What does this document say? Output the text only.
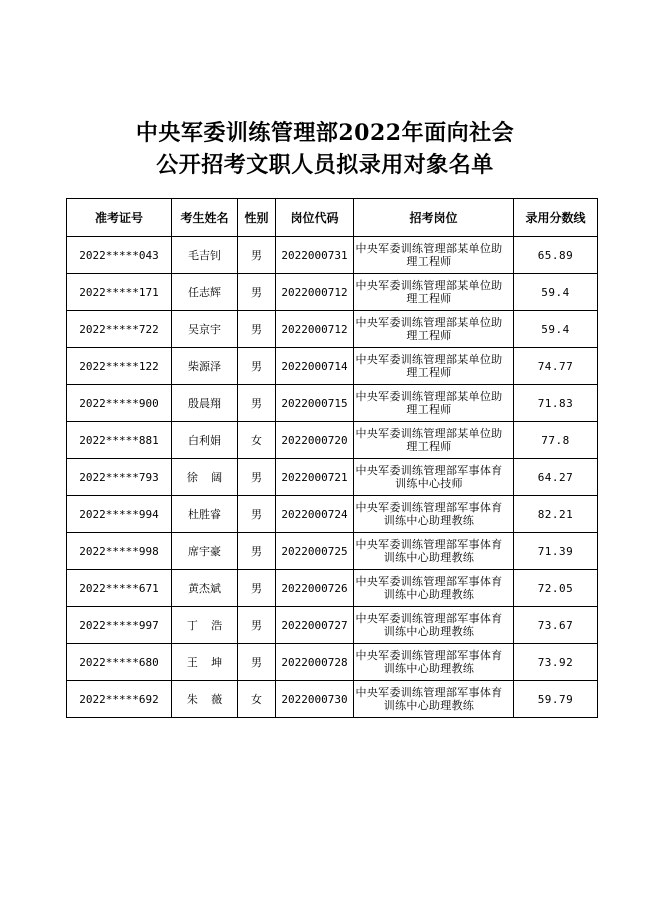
中央军委训练管理部2022年面向社会
公开招考文职人员拟录用对象名单
准考证号	考生姓名	性别	岗位代码	招考岗位	录用分数线
2022*****043	毛吉钊	男	2022000731	中央军委训练管理部某单位助理工程师	65.89
2022*****171	任志辉	男	2022000712	中央军委训练管理部某单位助理工程师	59.4
2022*****722	吴京宇	男	2022000712	中央军委训练管理部某单位助理工程师	59.4
2022*****122	柴源泽	男	2022000714	中央军委训练管理部某单位助理工程师	74.77
2022*****900	殷晨翔	男	2022000715	中央军委训练管理部某单位助理工程师	71.83
2022*****881	白利娟	女	2022000720	中央军委训练管理部某单位助理工程师	77.8
2022*****793	徐  阔	男	2022000721	中央军委训练管理部军事体育训练中心技师	64.27
2022*****994	杜胜睿	男	2022000724	中央军委训练管理部军事体育训练中心助理教练	82.21
2022*****998	席宇豪	男	2022000725	中央军委训练管理部军事体育训练中心助理教练	71.39
2022*****671	黄杰斌	男	2022000726	中央军委训练管理部军事体育训练中心助理教练	72.05
2022*****997	丁  浩	男	2022000727	中央军委训练管理部军事体育训练中心助理教练	73.67
2022*****680	王  坤	男	2022000728	中央军委训练管理部军事体育训练中心助理教练	73.92
2022*****692	朱  薇	女	2022000730	中央军委训练管理部军事体育训练中心助理教练	59.79
